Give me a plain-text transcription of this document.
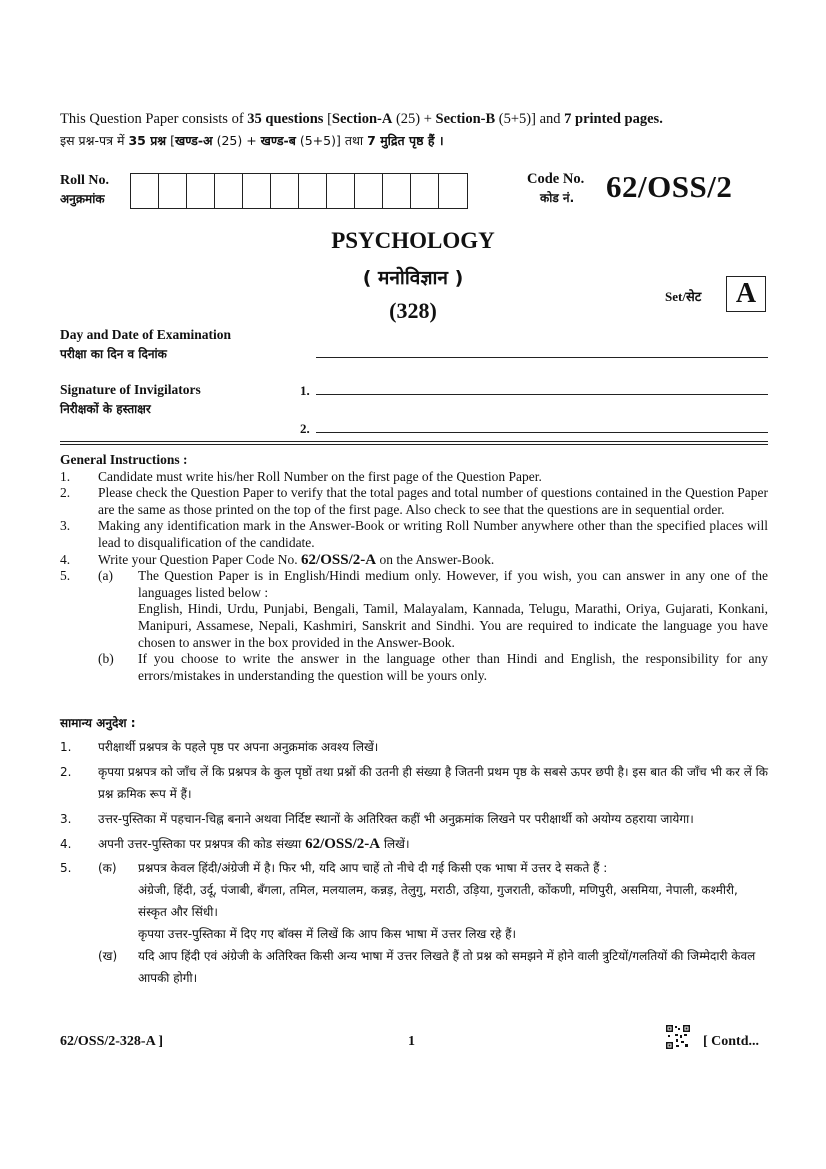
This Question Paper consists of 35 questions [Section-A (25) + Section-B (5+5)] and 7 printed pages.
इस प्रश्न-पत्र में 35 प्रश्न [खण्ड-अ (25) + खण्ड-ब (5+5)] तथा 7 मुद्रित पृष्ठ हैं ।
Roll No.
अनुक्रमांक
Code No.
कोड नं. 62/OSS/2
PSYCHOLOGY
( मनोविज्ञान )
(328)
Set/सेट	A
Day and Date of Examination
परीक्षा का दिन व दिनांक
Signature of Invigilators
निरीक्षकों के हस्ताक्षर
1.
2.
General Instructions :
1.	Candidate must write his/her Roll Number on the first page of the Question Paper.
2.	Please check the Question Paper to verify that the total pages and total number of questions contained in the Question Paper are the same as those printed on the top of the first page. Also check to see that the questions are in sequential order.
3.	Making any identification mark in the Answer-Book or writing Roll Number anywhere other than the specified places will lead to disqualification of the candidate.
4.	Write your Question Paper Code No. 62/OSS/2-A on the Answer-Book.
5.	(a)	The Question Paper is in English/Hindi medium only. However, if you wish, you can answer in any one of the languages listed below :
English, Hindi, Urdu, Punjabi, Bengali, Tamil, Malayalam, Kannada, Telugu, Marathi, Oriya, Gujarati, Konkani, Manipuri, Assamese, Nepali, Kashmiri, Sanskrit and Sindhi. You are required to indicate the language you have chosen to answer in the box provided in the Answer-Book.
(b)	If you choose to write the answer in the language other than Hindi and English, the responsibility for any errors/mistakes in understanding the question will be yours only.
सामान्य अनुदेश :
1.	परीक्षार्थी प्रश्नपत्र के पहले पृष्ठ पर अपना अनुक्रमांक अवश्य लिखें।
2.	कृपया प्रश्नपत्र को जाँच लें कि प्रश्नपत्र के कुल पृष्ठों तथा प्रश्नों की उतनी ही संख्या है जितनी प्रथम पृष्ठ के सबसे ऊपर छपी है। इस बात की जाँच भी कर लें कि प्रश्न क्रमिक रूप में हैं।
3.	उत्तर-पुस्तिका में पहचान-चिह्न बनाने अथवा निर्दिष्ट स्थानों के अतिरिक्त कहीं भी अनुक्रमांक लिखने पर परीक्षार्थी को अयोग्य ठहराया जायेगा।
4.	अपनी उत्तर-पुस्तिका पर प्रश्नपत्र की कोड संख्या 62/OSS/2-A लिखें।
5.	(क)	प्रश्नपत्र केवल हिंदी/अंग्रेजी में है। फिर भी, यदि आप चाहें तो नीचे दी गई किसी एक भाषा में उत्तर दे सकते हैं :
अंग्रेजी, हिंदी, उर्दू, पंजाबी, बँगला, तमिल, मलयालम, कन्नड़, तेलुगु, मराठी, उड़िया, गुजराती, कोंकणी, मणिपुरी, असमिया, नेपाली, कश्मीरी, संस्कृत और सिंधी।
कृपया उत्तर-पुस्तिका में दिए गए बॉक्स में लिखें कि आप किस भाषा में उत्तर लिख रहे हैं।
(ख)	यदि आप हिंदी एवं अंग्रेजी के अतिरिक्त किसी अन्य भाषा में उत्तर लिखते हैं तो प्रश्न को समझने में होने वाली त्रुटियों/गलतियों की जिम्मेदारी केवल आपकी होगी।
62/OSS/2-328-A ]	1	[ Contd...
